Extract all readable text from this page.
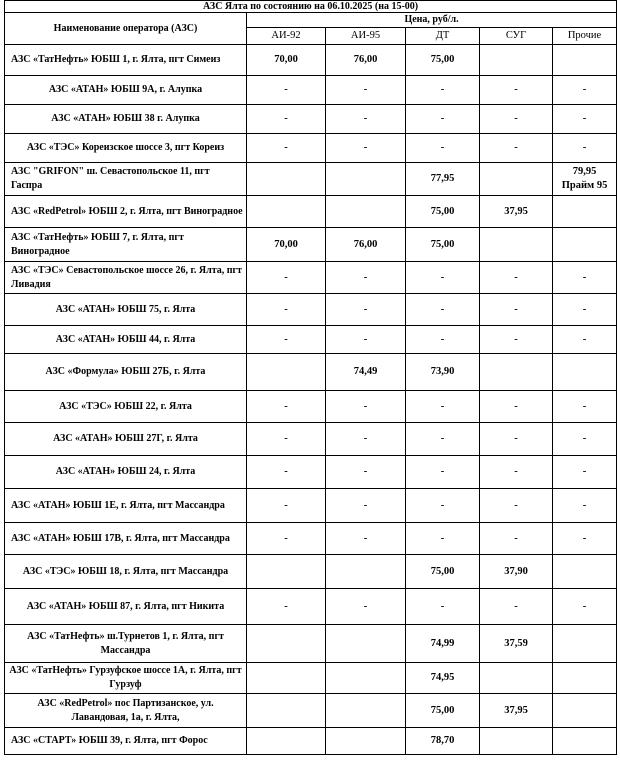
АЗС Ялта по состоянию на 06.10.2025 (на 15-00)					
Наименование оператора (АЗС)	Цена, руб/л.				
	АИ-92	АИ-95	ДТ	СУГ	Прочие
АЗС «ТатНефть» ЮБШ 1, г. Ялта, пгт Симеиз	70,00	76,00	75,00		
АЗС «АТАН» ЮБШ 9А, г. Алупка	-	-	-	-	-
АЗС «АТАН» ЮБШ 38 г. Алупка	-	-	-	-	-
АЗС «ТЭС» Кореизское шоссе 3, пгт Кореиз	-	-	-	-	-
АЗС "GRIFON" ш. Севастопольское 11, пгт Гаспра			77,95		79,95 Прайм 95
АЗС «RedPetrol» ЮБШ 2, г. Ялта, пгт Виноградное			75,00	37,95	
АЗС «ТатНефть» ЮБШ 7, г. Ялта, пгт Виноградное	70,00	76,00	75,00		
АЗС «ТЭС» Севастопольское шоссе 26, г. Ялта, пгт Ливадия	-	-	-	-	-
АЗС «АТАН» ЮБШ 75, г. Ялта	-	-	-	-	-
АЗС «АТАН» ЮБШ 44, г. Ялта	-	-	-	-	-
АЗС «Формула» ЮБШ 27Б, г. Ялта		74,49	73,90		
АЗС «ТЭС» ЮБШ 22, г. Ялта	-	-	-	-	-
АЗС «АТАН» ЮБШ 27Г, г. Ялта	-	-	-	-	-
АЗС «АТАН» ЮБШ 24, г. Ялта	-	-	-	-	-
АЗС «АТАН» ЮБШ 1Е, г. Ялта, пгт Массандра	-	-	-	-	-
АЗС «АТАН» ЮБШ 17В, г. Ялта, пгт Массандра	-	-	-	-	-
АЗС «ТЭС» ЮБШ 18, г. Ялта, пгт Массандра			75,00	37,90	
АЗС «АТАН» ЮБШ 87, г. Ялта, пгт Никита	-	-	-	-	-
АЗС «ТатНефть» ш.Турнетов 1, г. Ялта, пгт Массандра			74,99	37,59	
АЗС «ТатНефть» Гурзуфское шоссе 1А, г. Ялта, пгт Гурзуф			74,95		
АЗС «RedPetrol» пос Партизанское, ул. Лавандовая, 1а, г. Ялта,			75,00	37,95	
АЗС «СТАРТ» ЮБШ 39, г. Ялта, пгт Форос			78,70		
